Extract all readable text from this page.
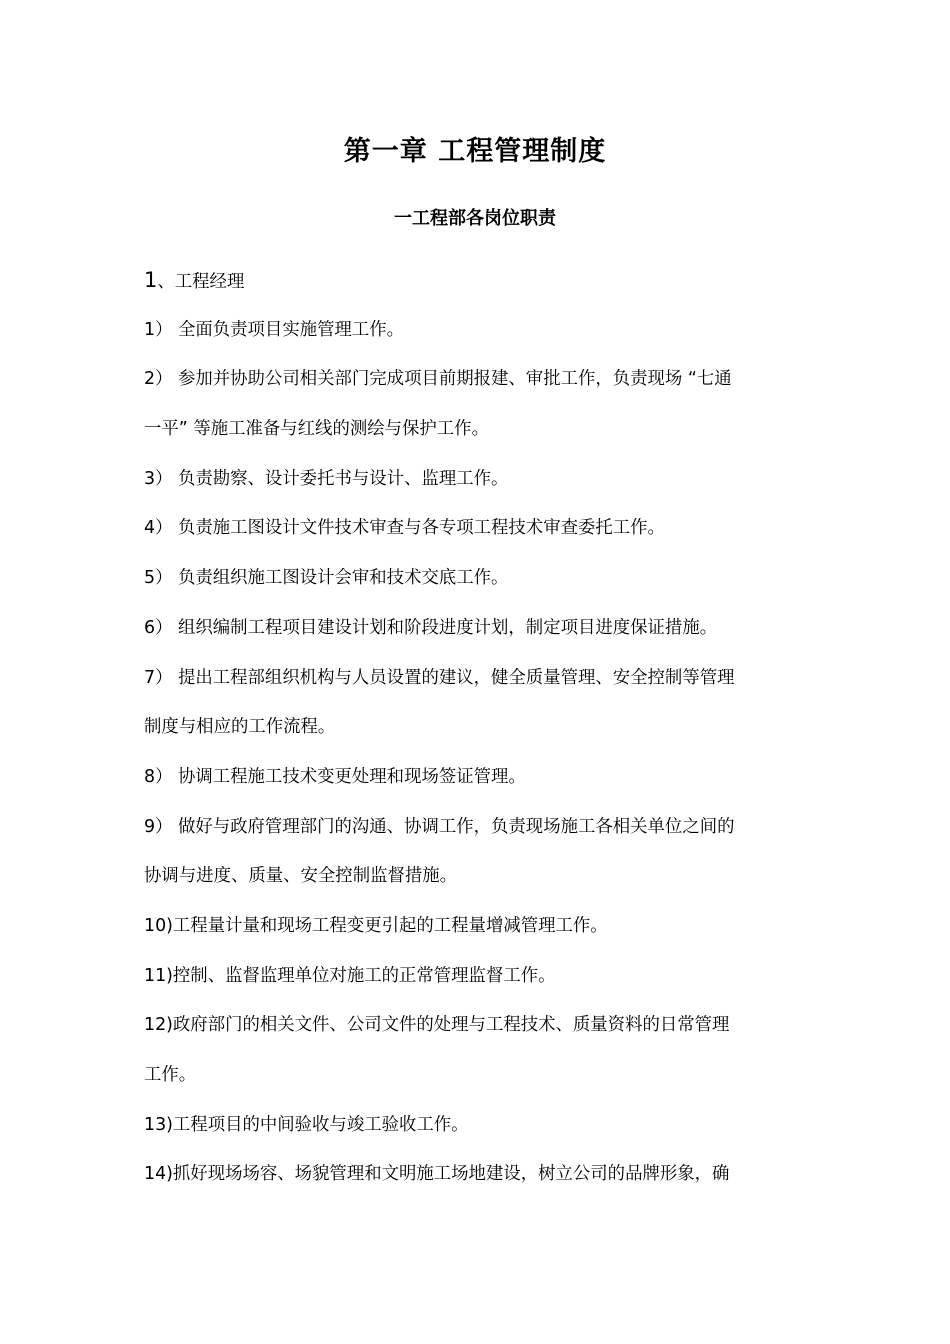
第一章 工程管理制度
一工程部各岗位职责
1、工程经理
1） 全面负责项目实施管理工作。
2） 参加并协助公司相关部门完成项目前期报建、审批工作，负责现场 “七通
一平” 等施工准备与红线的测绘与保护工作。
3） 负责勘察、设计委托书与设计、监理工作。
4） 负责施工图设计文件技术审查与各专项工程技术审查委托工作。
5） 负责组织施工图设计会审和技术交底工作。
6） 组织编制工程项目建设计划和阶段进度计划，制定项目进度保证措施。
7） 提出工程部组织机构与人员设置的建议，健全质量管理、安全控制等管理
制度与相应的工作流程。
8） 协调工程施工技术变更处理和现场签证管理。
9） 做好与政府管理部门的沟通、协调工作，负责现场施工各相关单位之间的
协调与进度、质量、安全控制监督措施。
10)工程量计量和现场工程变更引起的工程量增减管理工作。
11)控制、监督监理单位对施工的正常管理监督工作。
12)政府部门的相关文件、公司文件的处理与工程技术、质量资料的日常管理
工作。
13)工程项目的中间验收与竣工验收工作。
14)抓好现场场容、场貌管理和文明施工场地建设，树立公司的品牌形象，确
